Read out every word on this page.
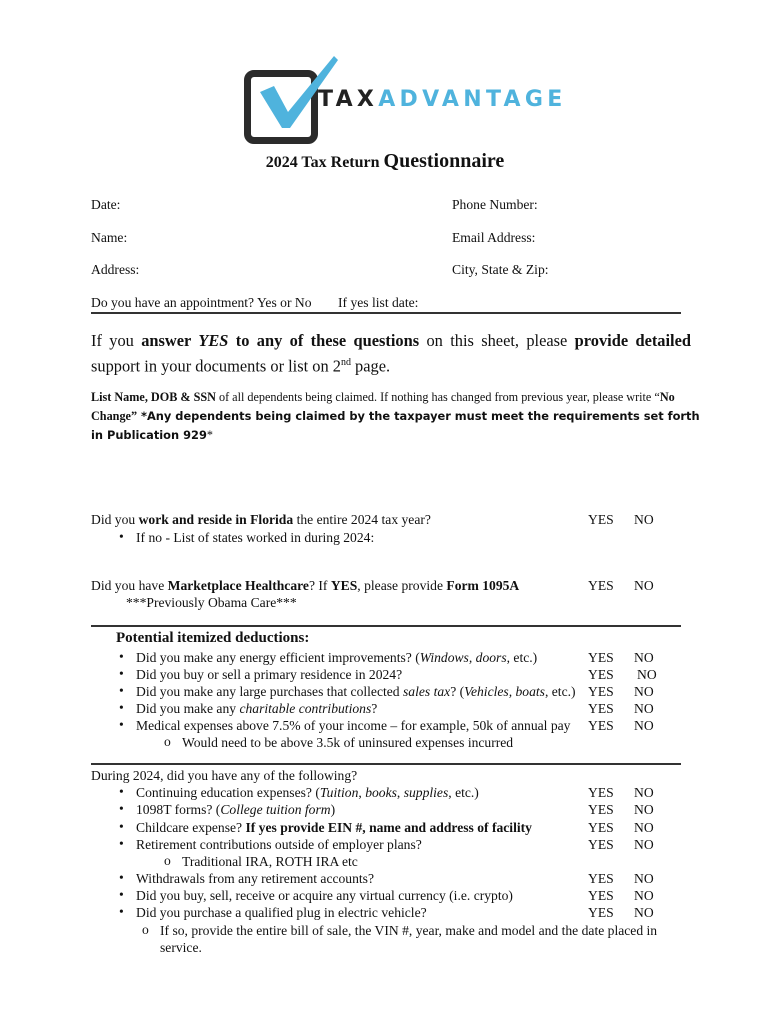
TAXADVANTAGE
2024 Tax Return Questionnaire
Date:	Phone Number:
Name:	Email Address:
Address:	City, State & Zip:
Do you have an appointment? Yes or No If yes list date:
If you answer YES to any of these questions on this sheet, please provide detailed support in your documents or list on 2nd page.
List Name, DOB & SSN of all dependents being claimed. If nothing has changed from previous year, please write “No Change” *Any dependents being claimed by the taxpayer must meet the requirements set forth in Publication 929*
Did you work and reside in Florida the entire 2024 tax year?	YES NO
• If no - List of states worked in during 2024:
Did you have Marketplace Healthcare? If YES, please provide Form 1095A	YES NO
***Previously Obama Care***
Potential itemized deductions:
• Did you make any energy efficient improvements? (Windows, doors, etc.)	YES NO
• Did you buy or sell a primary residence in 2024?	YES NO
• Did you make any large purchases that collected sales tax? (Vehicles, boats, etc.) YES NO
• Did you make any charitable contributions?	YES NO
• Medical expenses above 7.5% of your income – for example, 50k of annual pay YES NO
o Would need to be above 3.5k of uninsured expenses incurred
During 2024, did you have any of the following?
• Continuing education expenses? (Tuition, books, supplies, etc.)	YES NO
• 1098T forms? (College tuition form)	YES NO
• Childcare expense? If yes provide EIN #, name and address of facility	YES NO
• Retirement contributions outside of employer plans?	YES NO
o Traditional IRA, ROTH IRA etc
• Withdrawals from any retirement accounts?	YES NO
• Did you buy, sell, receive or acquire any virtual currency (i.e. crypto)	YES NO
• Did you purchase a qualified plug in electric vehicle?	YES NO
o If so, provide the entire bill of sale, the VIN #, year, make and model and the date placed in service.
